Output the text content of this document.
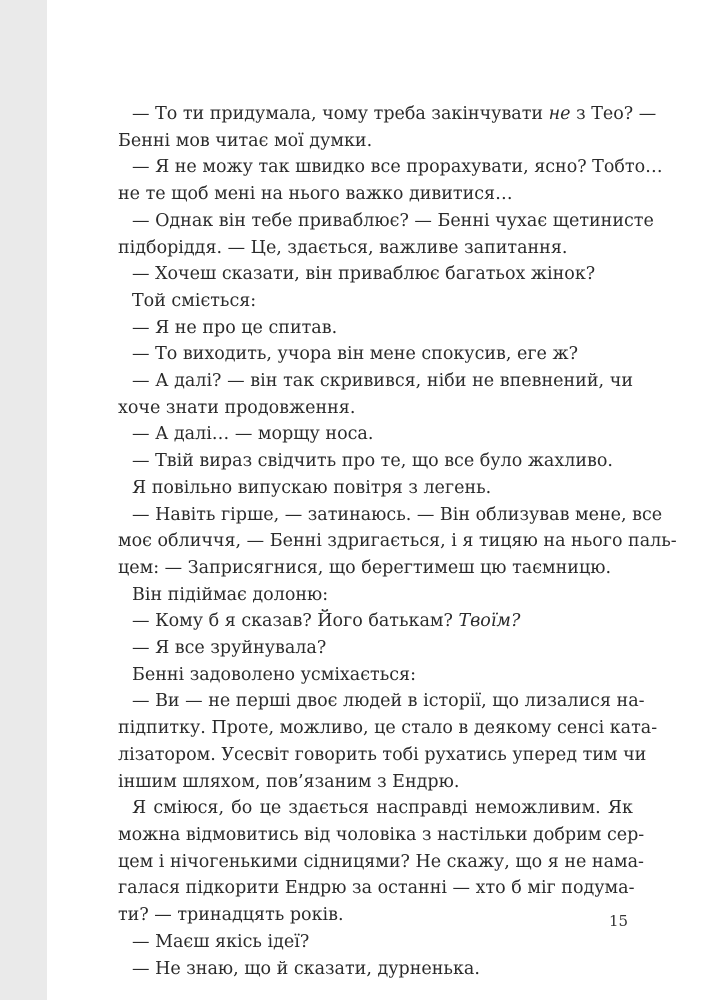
— То ти придумала, чому треба закінчувати не з Тео? —
Бенні мов читає мої думки.
— Я не можу так швидко все прорахувати, ясно? Тобто…
не те щоб мені на нього важко дивитися…
— Однак він тебе приваблює? — Бенні чухає щетинисте
підборіддя. — Це, здається, важливе запитання.
— Хочеш сказати, він приваблює багатьох жінок?
Той сміється:
— Я не про це спитав.
— То виходить, учора він мене спокусив, еге ж?
— А далі? — він так скривився, ніби не впевнений, чи
хоче знати продовження.
— А далі… — морщу носа.
— Твій вираз свідчить про те, що все було жахливо.
Я повільно випускаю повітря з легень.
— Навіть гірше, — затинаюсь. — Він облизував мене, все
моє обличчя, — Бенні здригається, і я тицяю на нього паль-
цем: — Заприсягнися, що берегтимеш цю таємницю.
Він підіймає долоню:
— Кому б я сказав? Його батькам? Твоїм?
— Я все зруйнувала?
Бенні задоволено усміхається:
— Ви — не перші двоє людей в історії, що лизалися на-
підпитку. Проте, можливо, це стало в деякому сенсі ката-
лізатором. Усесвіт говорить тобі рухатись уперед тим чи
іншим шляхом, пов’язаним з Ендрю.
Я сміюся, бо це здається насправді неможливим. Як
можна відмовитись від чоловіка з настільки добрим сер-
цем і нічогенькими сідницями? Не скажу, що я не нама-
галася підкорити Ендрю за останні — хто б міг подума-
ти? — тринадцять років.
— Маєш якісь ідеї?
— Не знаю, що й сказати, дурненька.
15
